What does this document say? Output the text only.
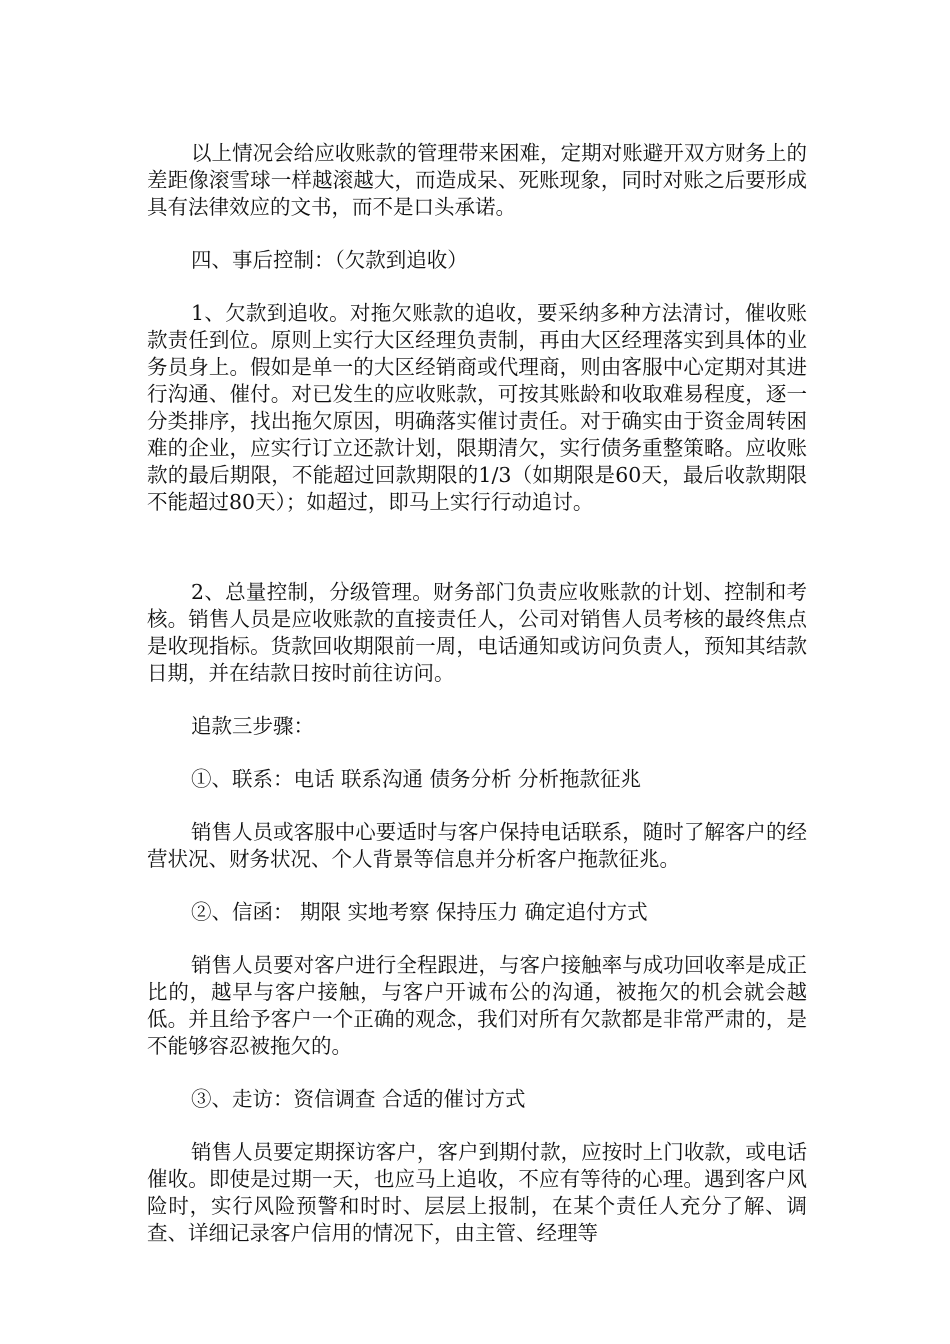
以上情况会给应收账款的管理带来困难，定期对账避开双方财务上的差距像滚雪球一样越滚越大，而造成呆、死账现象，同时对账之后要形成具有法律效应的文书，而不是口头承诺。

四、事后控制：（欠款到追收）

1、欠款到追收。对拖欠账款的追收，要采纳多种方法清讨，催收账款责任到位。原则上实行大区经理负责制，再由大区经理落实到具体的业务员身上。假如是单一的大区经销商或代理商，则由客服中心定期对其进行沟通、催付。对已发生的应收账款，可按其账龄和收取难易程度，逐一分类排序，找出拖欠原因，明确落实催讨责任。对于确实由于资金周转困难的企业，应实行订立还款计划，限期清欠，实行债务重整策略。应收账款的最后期限，不能超过回款期限的1/3（如期限是60天，最后收款期限不能超过80天）；如超过，即马上实行行动追讨。

2、总量控制，分级管理。财务部门负责应收账款的计划、控制和考核。销售人员是应收账款的直接责任人，公司对销售人员考核的最终焦点是收现指标。货款回收期限前一周，电话通知或访问负责人，预知其结款日期，并在结款日按时前往访问。

追款三步骤：

①、联系：电话 联系沟通 债务分析 分析拖款征兆

销售人员或客服中心要适时与客户保持电话联系，随时了解客户的经营状况、财务状况、个人背景等信息并分析客户拖款征兆。

②、信函： 期限 实地考察 保持压力 确定追付方式

销售人员要对客户进行全程跟进，与客户接触率与成功回收率是成正比的，越早与客户接触，与客户开诚布公的沟通，被拖欠的机会就会越低。并且给予客户一个正确的观念，我们对所有欠款都是非常严肃的，是不能够容忍被拖欠的。

③、走访：资信调查 合适的催讨方式

销售人员要定期探访客户，客户到期付款，应按时上门收款，或电话催收。即使是过期一天，也应马上追收，不应有等待的心理。遇到客户风险时，实行风险预警和时时、层层上报制，在某个责任人充分了解、调查、详细记录客户信用的情况下，由主管、经理等
